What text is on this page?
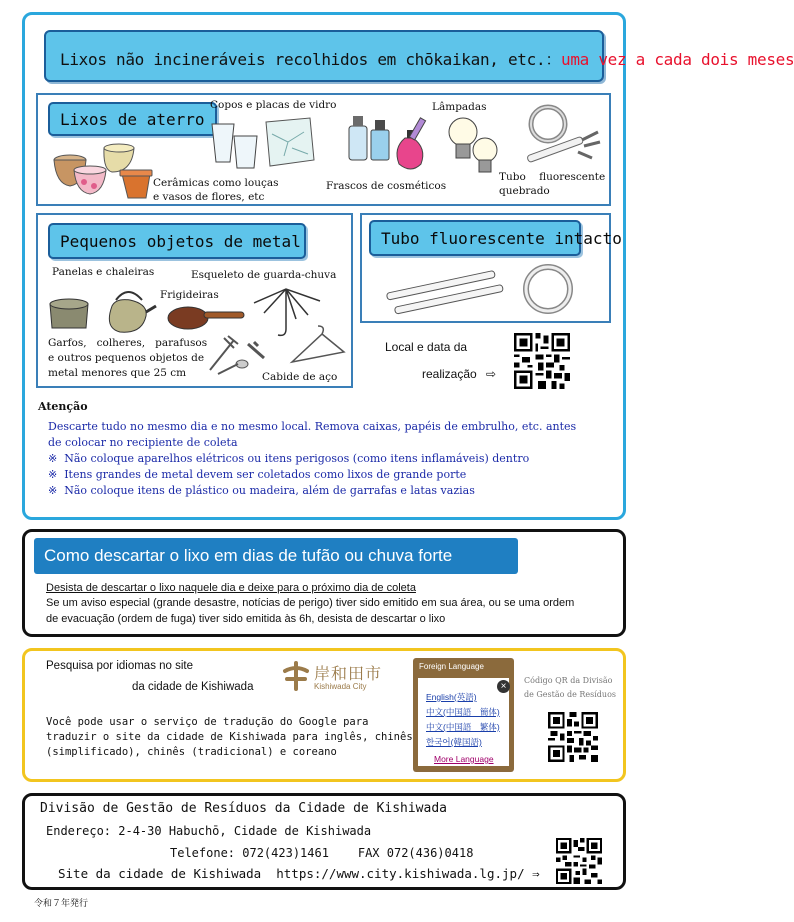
Lixos não incineráveis recolhidos em chōkaikan, etc.：uma vez a cada dois meses
Lixos de aterro
Copos e placas de vidro	Lâmpadas
Cerâmicas como louças
e vasos de flores, etc
Frascos de cosméticos
Tubo    fluorescente
quebrado
Pequenos objetos de metal
Panelas e chaleiras	Esqueleto de guarda-chuva
Frigideiras
Garfos,   colheres,   parafusos
e outros pequenos objetos de
metal menores que 25 cm	Cabide de aço
Tubo fluorescente intacto
Local e data da
realização ⇨
Atenção
Descarte tudo no mesmo dia e no mesmo local. Remova caixas, papéis de embrulho, etc. antes
de colocar no recipiente de coleta
※  Não coloque aparelhos elétricos ou itens perigosos (como itens inflamáveis) dentro
※  Itens grandes de metal devem ser coletados como lixos de grande porte
※  Não coloque itens de plástico ou madeira, além de garrafas e latas vazias
Como descartar o lixo em dias de tufão ou chuva forte
Desista de descartar o lixo naquele dia e deixe para o próximo dia de coleta
Se um aviso especial (grande desastre, notícias de perigo) tiver sido emitido em sua área, ou se uma ordem
de evacuação (ordem de fuga) tiver sido emitida às 6h, desista de descartar o lixo
Pesquisa por idiomas no site
da cidade de Kishiwada
岸和田市
Kishiwada City
Você pode usar o serviço de tradução do Google para
traduzir o site da cidade de Kishiwada para inglês, chinês
(simplificado), chinês (tradicional) e coreano
Foreign Language
English(英語)
中文(中国語　簡体)
中文(中国語　繁体)
한국어(韓国語)
More Language
×
Código QR da Divisão
de Gestão de Resíduos
Divisão de Gestão de Resíduos da Cidade de Kishiwada
Endereço: 2-4-30 Habuchō, Cidade de Kishiwada
Telefone: 072(423)1461    FAX 072(436)0418
Site da cidade de Kishiwada  https://www.city.kishiwada.lg.jp/ ⇒
令和７年発行
